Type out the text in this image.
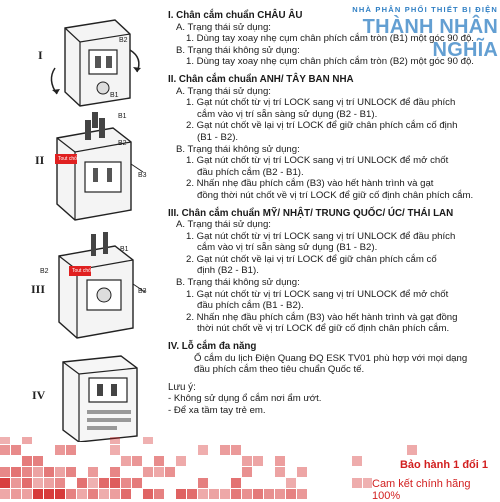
NHÀ PHÂN PHỐI THIẾT BỊ ĐIỆN
THÀNH NHÂN NGHĨA
I
II
III
IV
B2
B1
Tout chốt
B1
B2
B3
Tout chốt
B2
B1
B3
I. Chân cắm chuẩn CHÂU ÂU
A. Trạng thái sử dụng:
1. Dùng tay xoay nhẹ cụm chân phích cắm tròn (B1) một góc 90 độ.
B. Trạng thái không sử dụng:
1. Dùng tay xoay nhẹ cụm chân phích cắm tròn (B2) một góc 90 độ.
II. Chân cắm chuẩn ANH/ TÂY BAN NHA
A. Trạng thái sử dụng:
1. Gạt nút chốt từ vị trí LOCK sang vị trí UNLOCK để đầu phích
cắm vào vị trí sẵn sàng sử dụng (B2 - B1).
2. Gạt nút chốt về lại vị trí LOCK để giữ chân phích cắm cố định
(B1 - B2).
B. Trạng thái không sử dụng:
1. Gạt nút chốt từ vị trí LOCK sang vị trí UNLOCK để mở chốt
đầu phích cắm (B2 - B1).
2. Nhấn nhẹ đầu phích cắm (B3) vào hết hành trình và gạt
đồng thời nút chốt về vị trí LOCK để giữ cố định chân phích cắm.
III. Chân cắm chuẩn MỸ/ NHẬT/ TRUNG QUỐC/ ÚC/ THÁI LAN
A. Trạng thái sử dụng:
1. Gạt nút chốt từ vị trí LOCK sang vị trí UNLOCK để đầu phích
cắm vào vị trí sẵn sàng sử dụng (B1 - B2).
2. Gạt nút chốt về lại vị trí LOCK để giữ chân phích cắm cố
định (B2 - B1).
B. Trạng thái không sử dụng:
1. Gạt nút chốt từ vị trí LOCK sang vị trí UNLOCK để mở chốt
đầu phích cắm (B1 - B2).
2. Nhấn nhẹ đầu phích cắm (B3) vào hết hành trình và gạt đồng
thời nút chốt về vị trí LOCK để giữ cố định chân phích cắm.
IV. Lỗ cắm đa năng
Ổ cắm du lịch Điện Quang ĐQ ESK TV01 phù hợp với mọi dạng
đầu phích cắm theo tiêu chuẩn Quốc tế.
Lưu ý:
- Không sử dụng ổ cắm nơi ẩm ướt.
- Để xa tầm tay trẻ em.
Bảo hành 1 đổi 1
Cam kết chính hãng 100%
